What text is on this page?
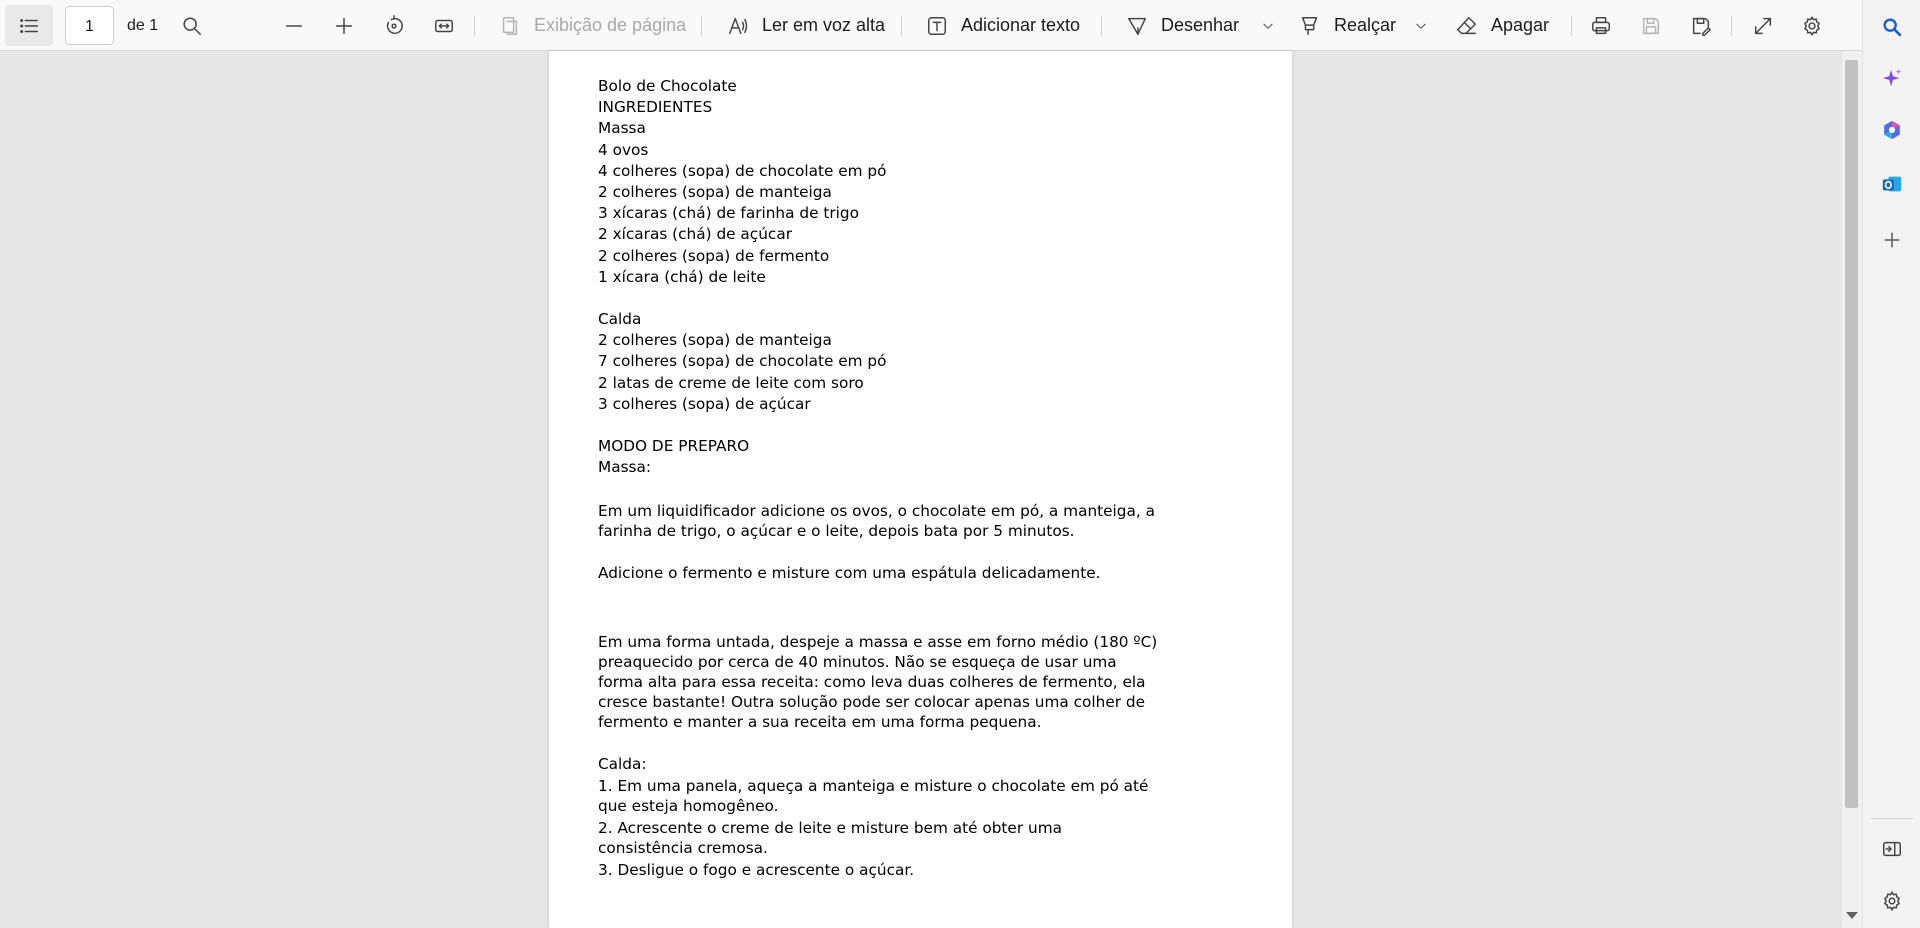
1	de 1	Exibição de página	Ler em voz alta	Adicionar texto	Desenhar	Realçar	Apagar
Bolo de Chocolate
INGREDIENTES
Massa
4 ovos
4 colheres (sopa) de chocolate em pó
2 colheres (sopa) de manteiga
3 xícaras (chá) de farinha de trigo
2 xícaras (chá) de açúcar
2 colheres (sopa) de fermento
1 xícara (chá) de leite
Calda
2 colheres (sopa) de manteiga
7 colheres (sopa) de chocolate em pó
2 latas de creme de leite com soro
3 colheres (sopa) de açúcar
MODO DE PREPARO
Massa:

Em um liquidificador adicione os ovos, o chocolate em pó, a manteiga, a farinha de trigo, o açúcar e o leite, depois bata por 5 minutos.

Adicione o fermento e misture com uma espátula delicadamente.

Em uma forma untada, despeje a massa e asse em forno médio (180 ºC) preaquecido por cerca de 40 minutos. Não se esqueça de usar uma forma alta para essa receita: como leva duas colheres de fermento, ela cresce bastante! Outra solução pode ser colocar apenas uma colher de fermento e manter a sua receita em uma forma pequena.

Calda:

1. Em uma panela, aqueça a manteiga e misture o chocolate em pó até que esteja homogêneo.

2. Acrescente o creme de leite e misture bem até obter uma consistência cremosa.

3. Desligue o fogo e acrescente o açúcar.
